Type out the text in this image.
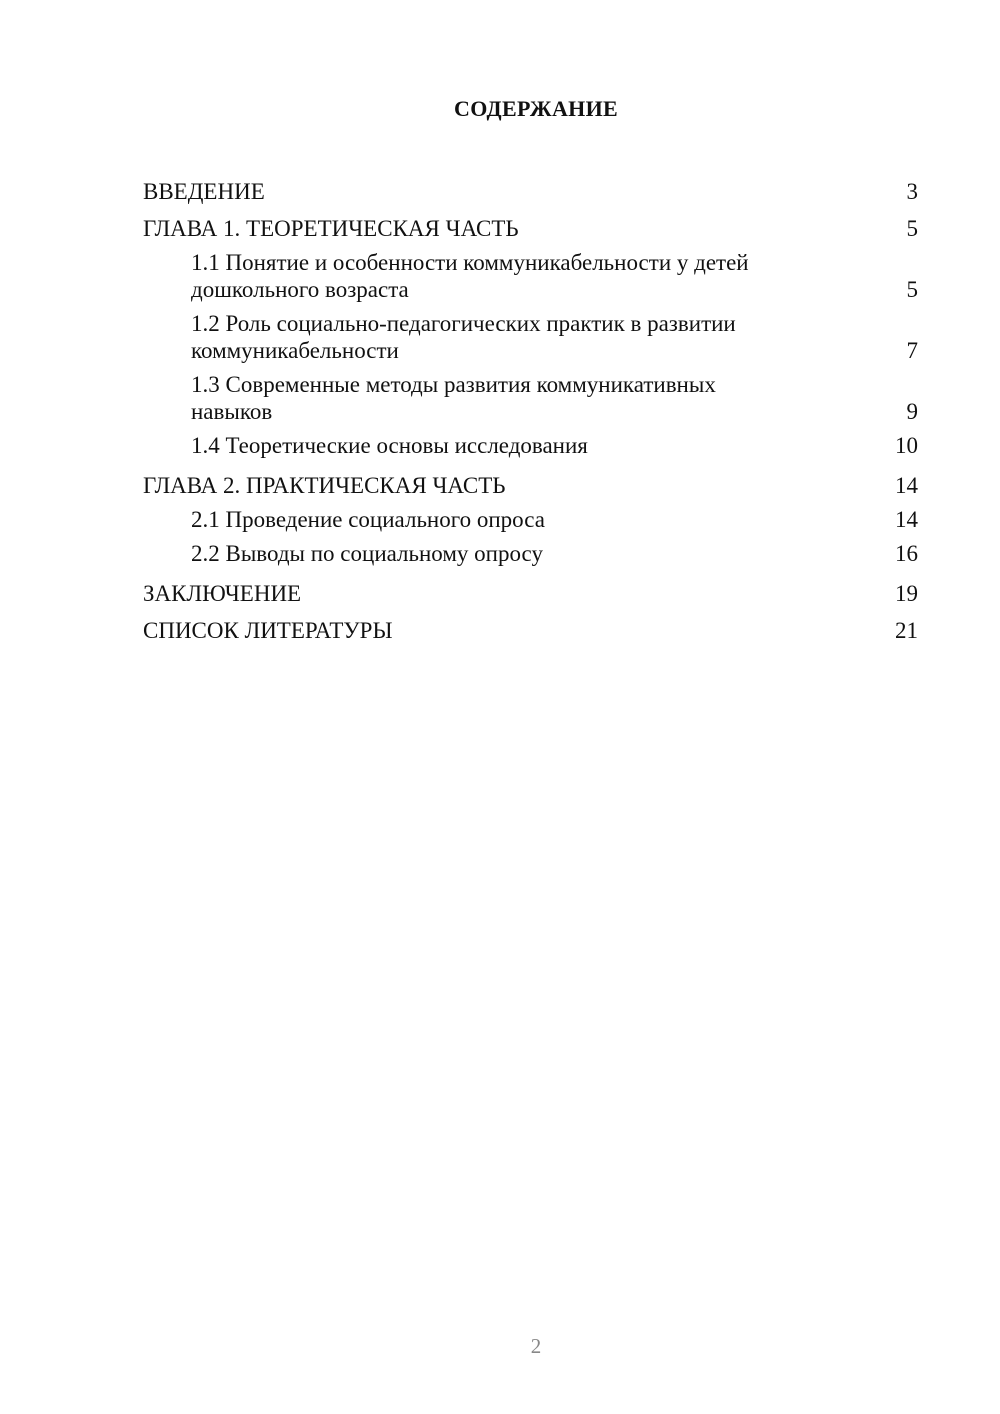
СОДЕРЖАНИЕ
ВВЕДЕНИЕ	3
ГЛАВА 1. ТЕОРЕТИЧЕСКАЯ ЧАСТЬ	5
1.1 Понятие и особенности коммуникабельности у детей дошкольного возраста	5
1.2 Роль социально-педагогических практик в развитии коммуникабельности	7
1.3 Современные методы развития коммуникативных навыков	9
1.4 Теоретические основы исследования	10
ГЛАВА 2. ПРАКТИЧЕСКАЯ ЧАСТЬ	14
2.1 Проведение социального опроса	14
2.2 Выводы по социальному опросу	16
ЗАКЛЮЧЕНИЕ	19
СПИСОК ЛИТЕРАТУРЫ	21
2
